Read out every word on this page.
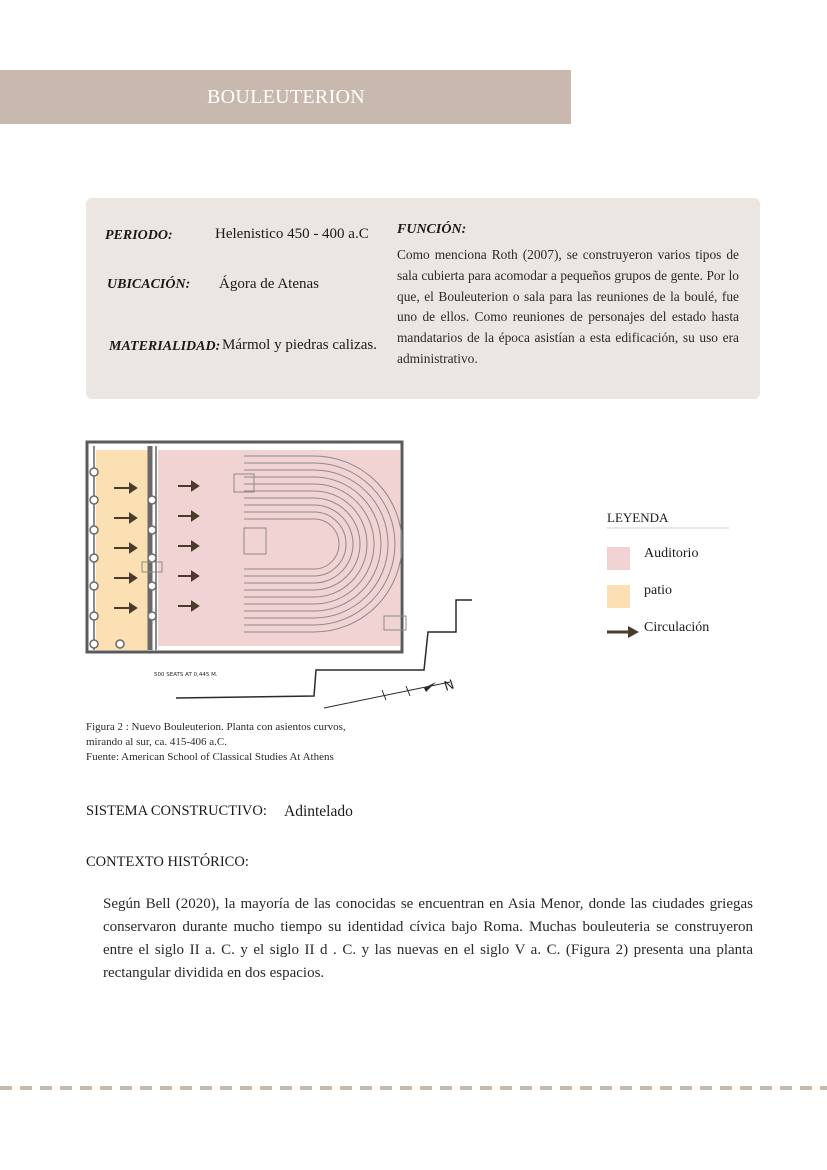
BOULEUTERION
PERIODO:	Helenistico 450 - 400 a.C
UBICACIÓN: Ágora de Atenas
MATERIALIDAD: Mármol y piedras calizas.
FUNCIÓN:
Como menciona Roth (2007), se construyeron varios tipos de sala cubierta para acomodar a pequeños grupos de gente. Por lo que, el Bouleuterion o sala para las reuniones de la boulé, fue uno de ellos. Como reuniones de personajes del estado hasta mandatarios de la época asistían a esta edificación, su uso era administrativo.
N
500 SEATS AT 0,445 M.
LEYENDA
Auditorio
patio
Circulación
Figura 2 : Nuevo Bouleuterion. Planta con asientos curvos,
mirando al sur, ca. 415-406 a.C.
Fuente: American School of Classical Studies At Athens
SISTEMA CONSTRUCTIVO: Adintelado
CONTEXTO HISTÓRICO:
Según Bell (2020), la mayoría de las conocidas se encuentran en Asia Menor, donde las ciudades griegas conservaron durante mucho tiempo su identidad cívica bajo Roma. Muchas bouleuteria se construyeron entre el siglo II a. C. y el siglo II d . C. y las nuevas en el siglo V a. C. (Figura 2) presenta una planta rectangular dividida en dos espacios.
